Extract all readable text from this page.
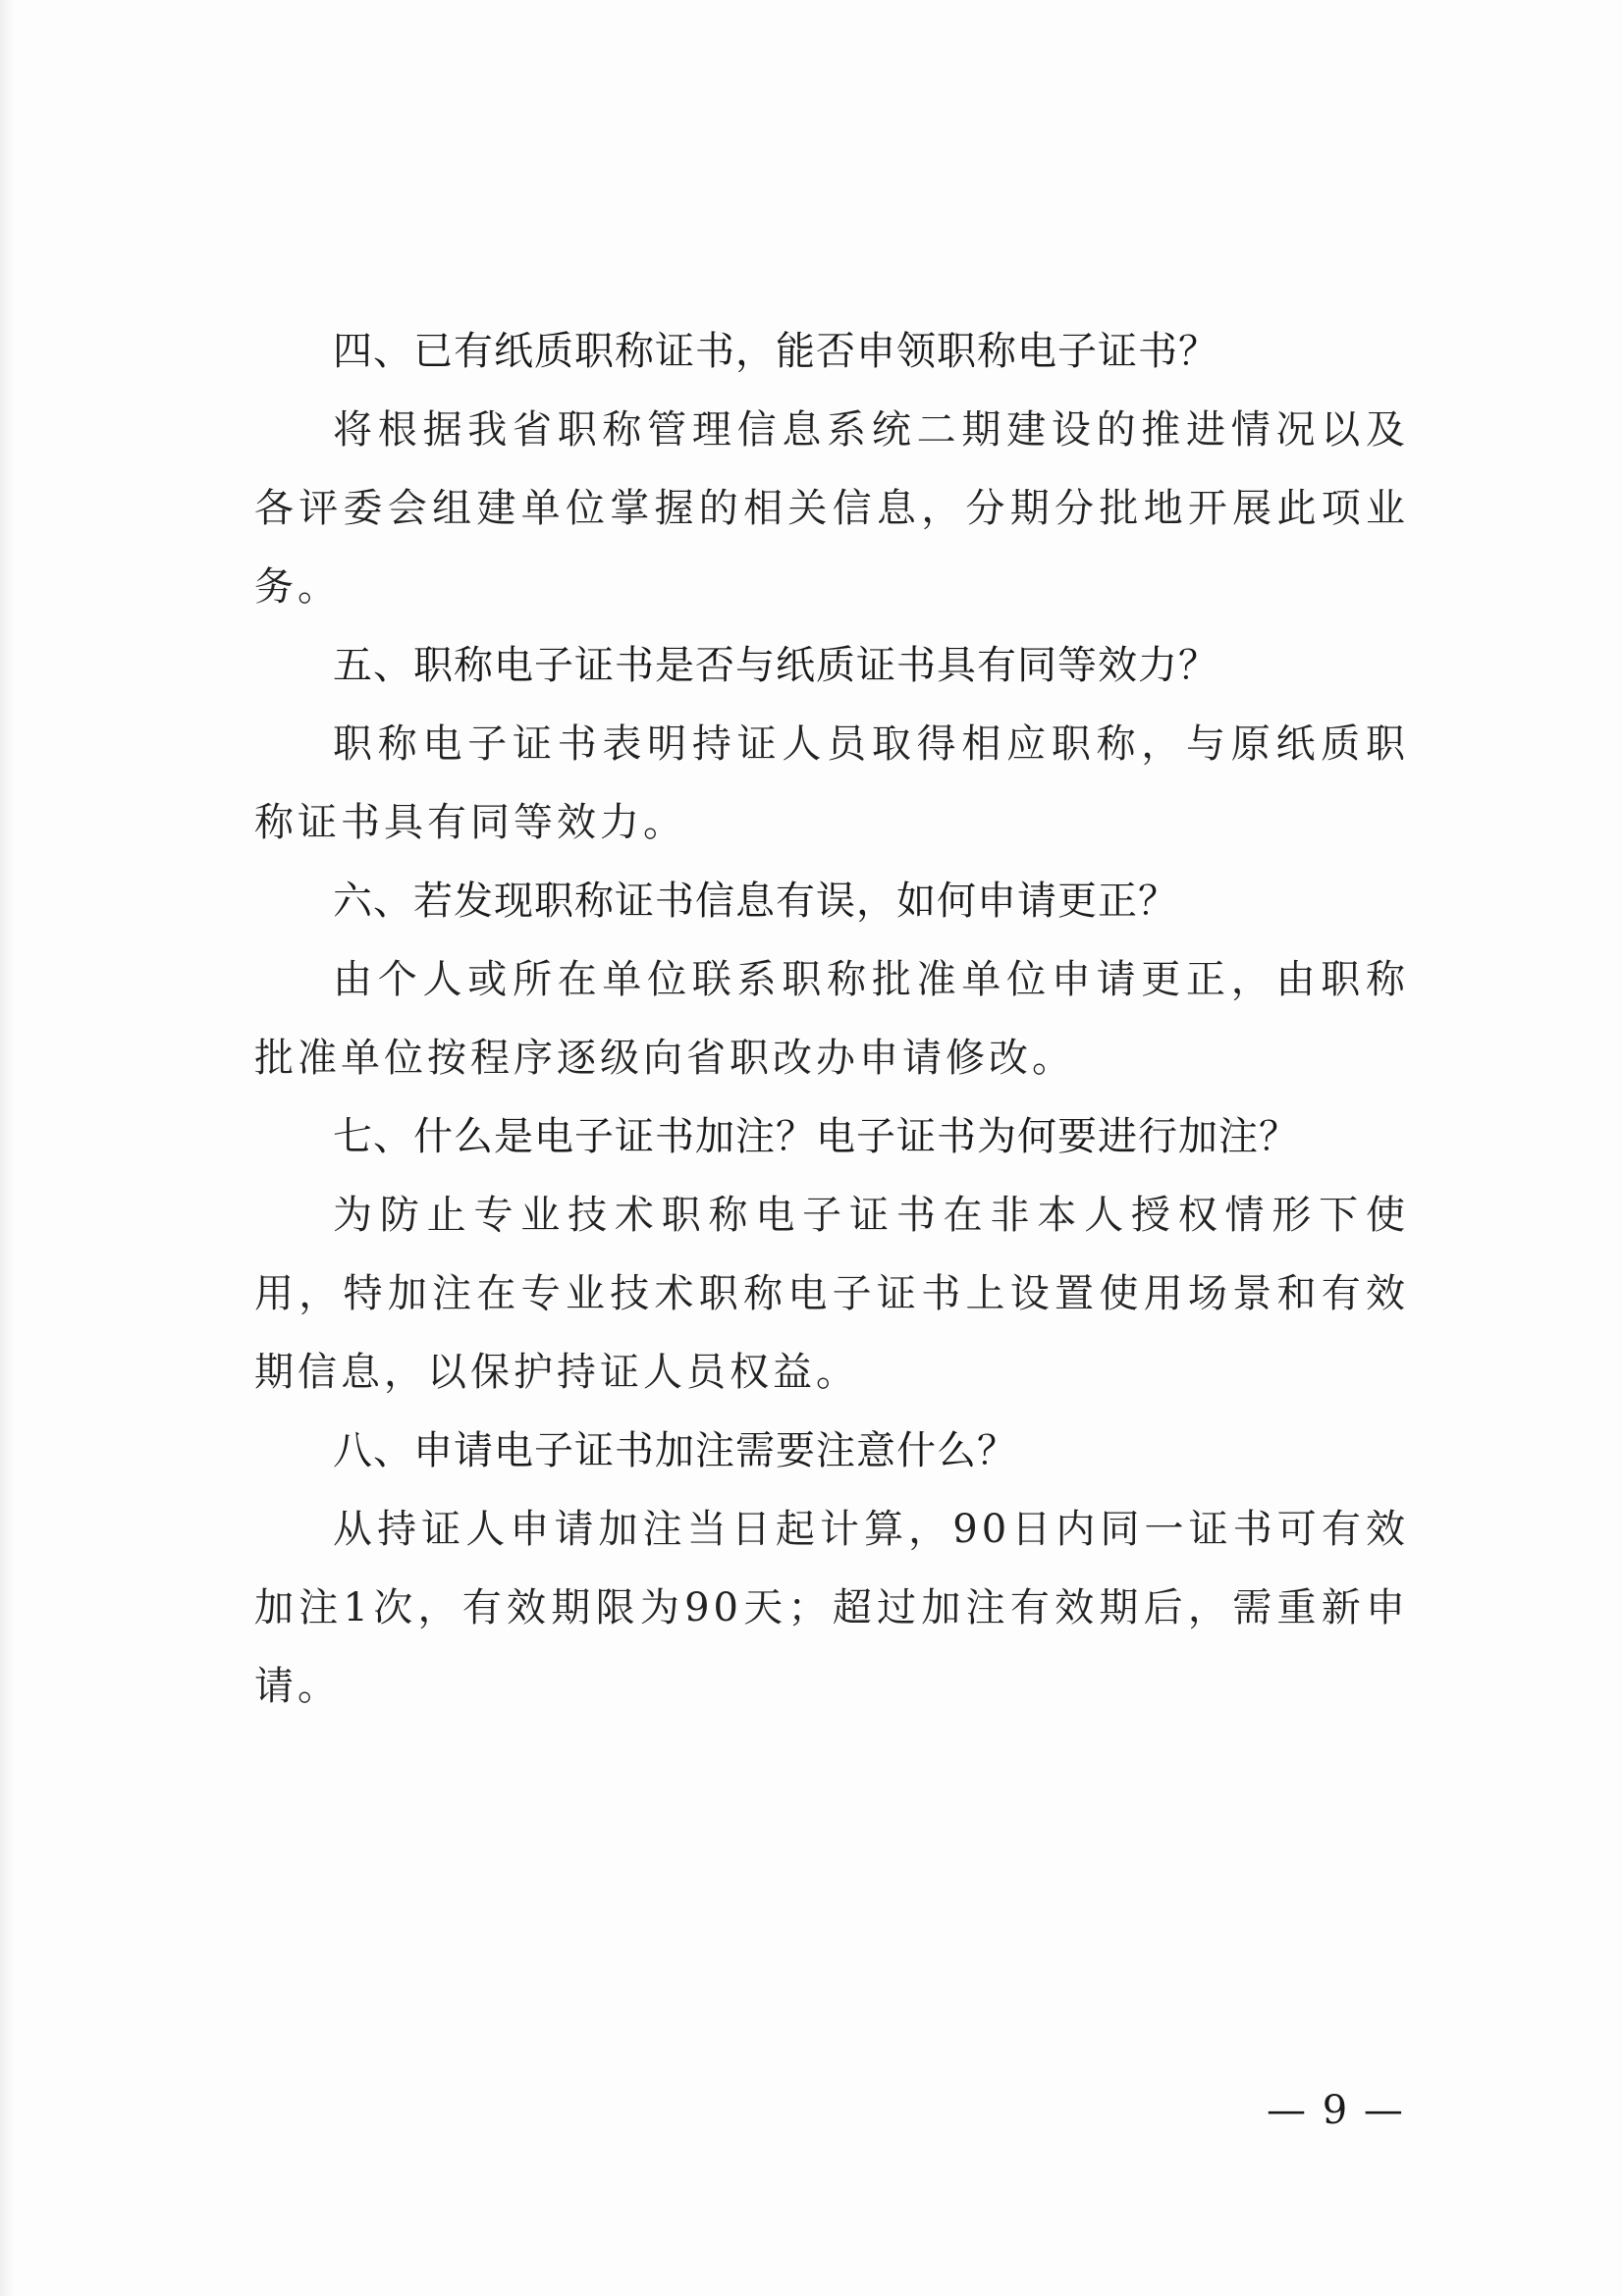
四、已有纸质职称证书，能否申领职称电子证书？

将根据我省职称管理信息系统二期建设的推进情况以及各评委会组建单位掌握的相关信息，分期分批地开展此项业务。

五、职称电子证书是否与纸质证书具有同等效力？

职称电子证书表明持证人员取得相应职称，与原纸质职称证书具有同等效力。

六、若发现职称证书信息有误，如何申请更正？

由个人或所在单位联系职称批准单位申请更正，由职称批准单位按程序逐级向省职改办申请修改。

七、什么是电子证书加注？电子证书为何要进行加注？

为防止专业技术职称电子证书在非本人授权情形下使用，特加注在专业技术职称电子证书上设置使用场景和有效期信息，以保护持证人员权益。

八、申请电子证书加注需要注意什么？

从持证人申请加注当日起计算，90日内同一证书可有效加注1次，有效期限为90天；超过加注有效期后，需重新申请。

— 9 —
